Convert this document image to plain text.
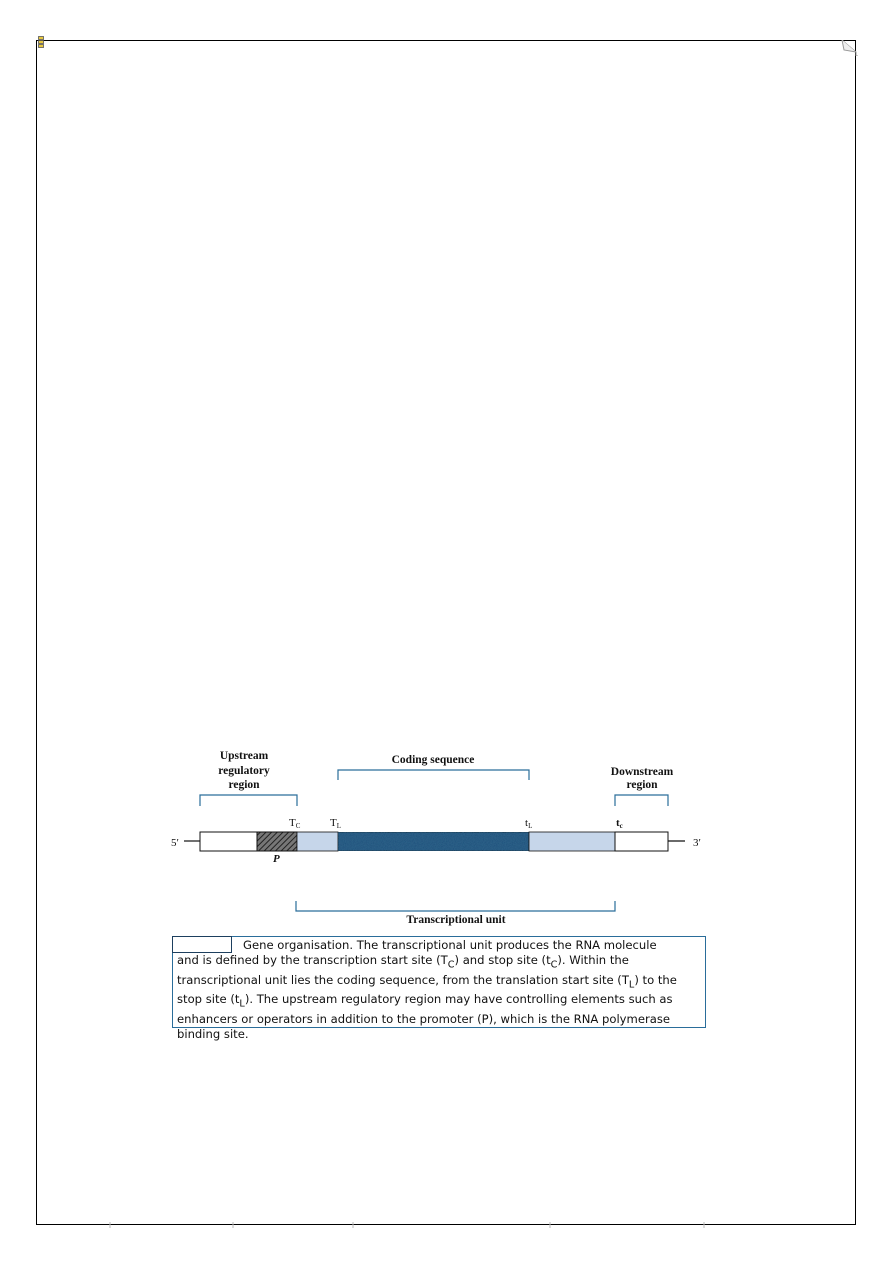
Upstream
regulatory
region
Coding sequence
Downstream
region
TC	TL	tL	tc
5′	3′
P
Transcriptional unit
Gene organisation. The transcriptional unit produces the RNA molecule
and is defined by the transcription start site $(T_C)$ and stop site $(t_C)$. Within the
transcriptional unit lies the coding sequence, from the translation start site $(T_L)$ to the
stop site $(t_L)$. The upstream regulatory region may have controlling elements such as
enhancers or operators in addition to the promoter (P), which is the RNA polymerase
binding site.
